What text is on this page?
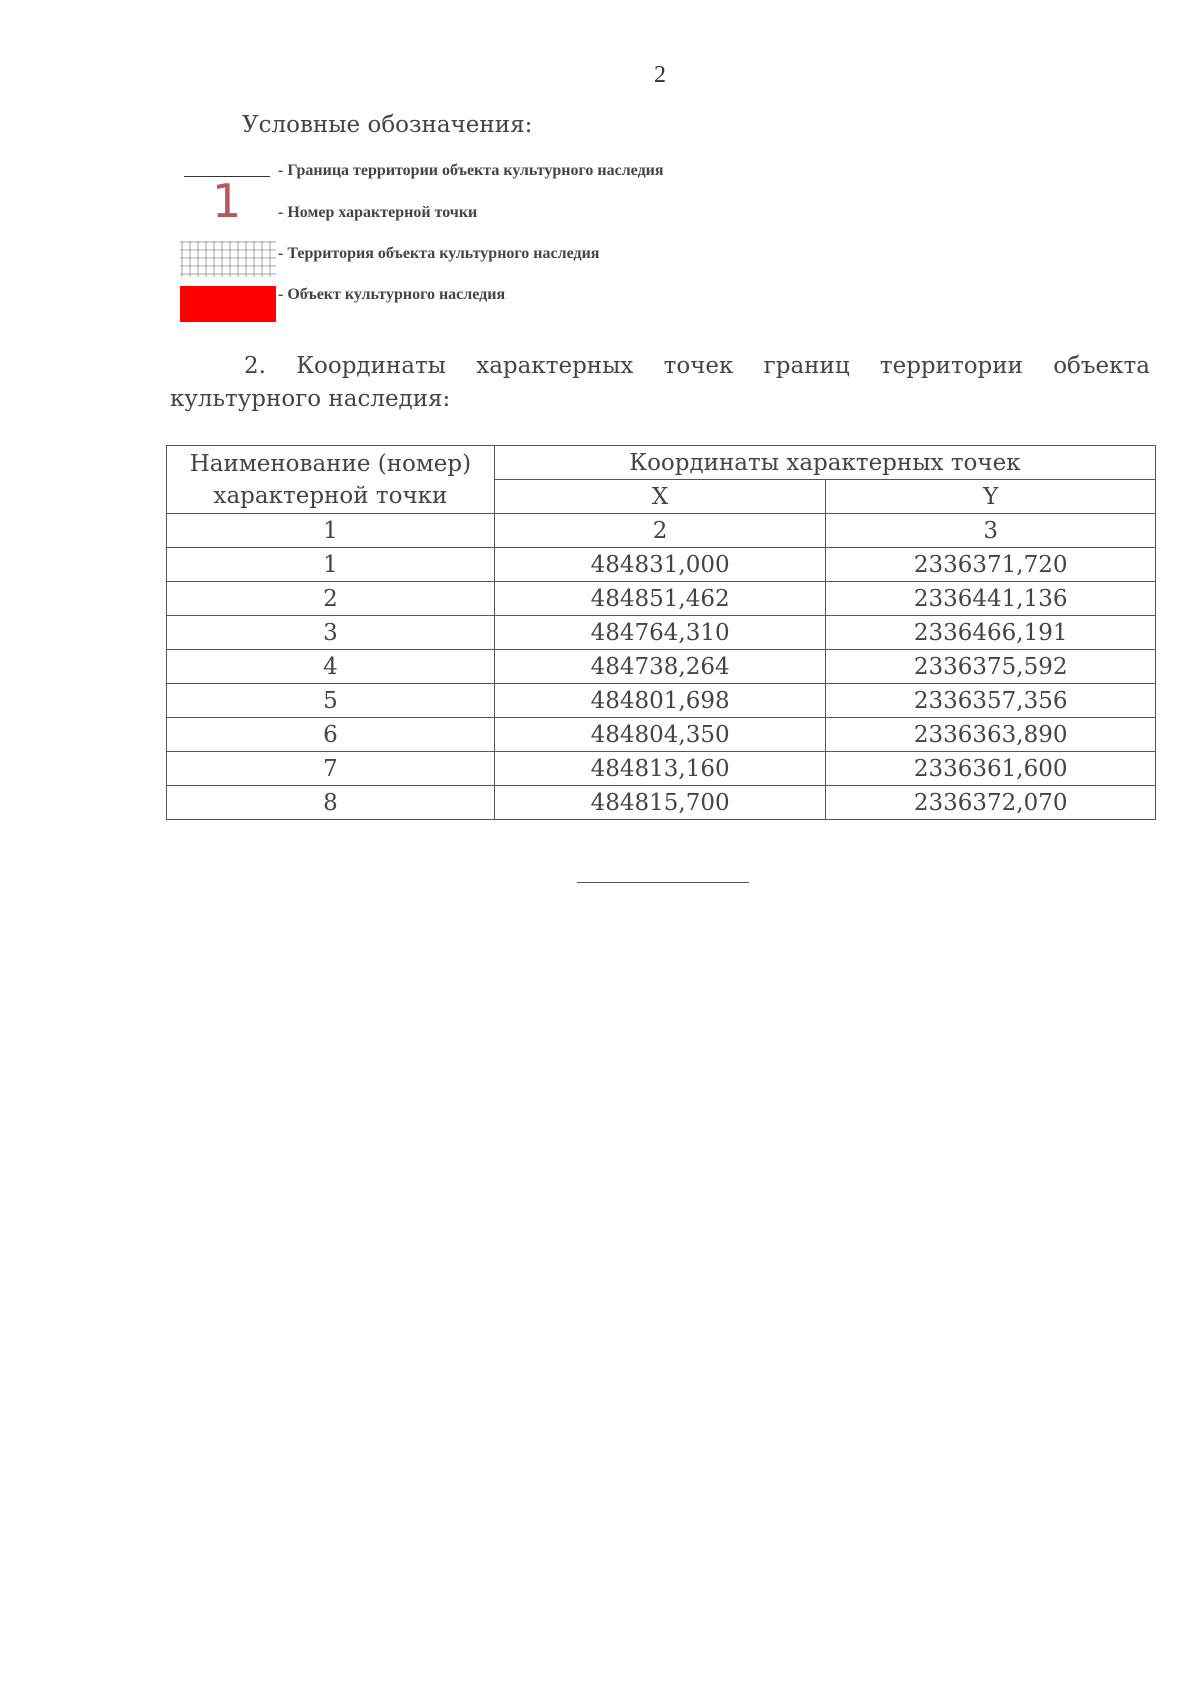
2
Условные обозначения:
- Граница территории объекта культурного наследия
1 - Номер характерной точки
- Территория объекта культурного наследия
- Объект культурного наследия
2. Координаты характерных точек границ территории объекта
культурного наследия:
Наименование (номер) характерной точки	Координаты характерных точек	
	X	Y
1	2	3
1	484831,000	2336371,720
2	484851,462	2336441,136
3	484764,310	2336466,191
4	484738,264	2336375,592
5	484801,698	2336357,356
6	484804,350	2336363,890
7	484813,160	2336361,600
8	484815,700	2336372,070
